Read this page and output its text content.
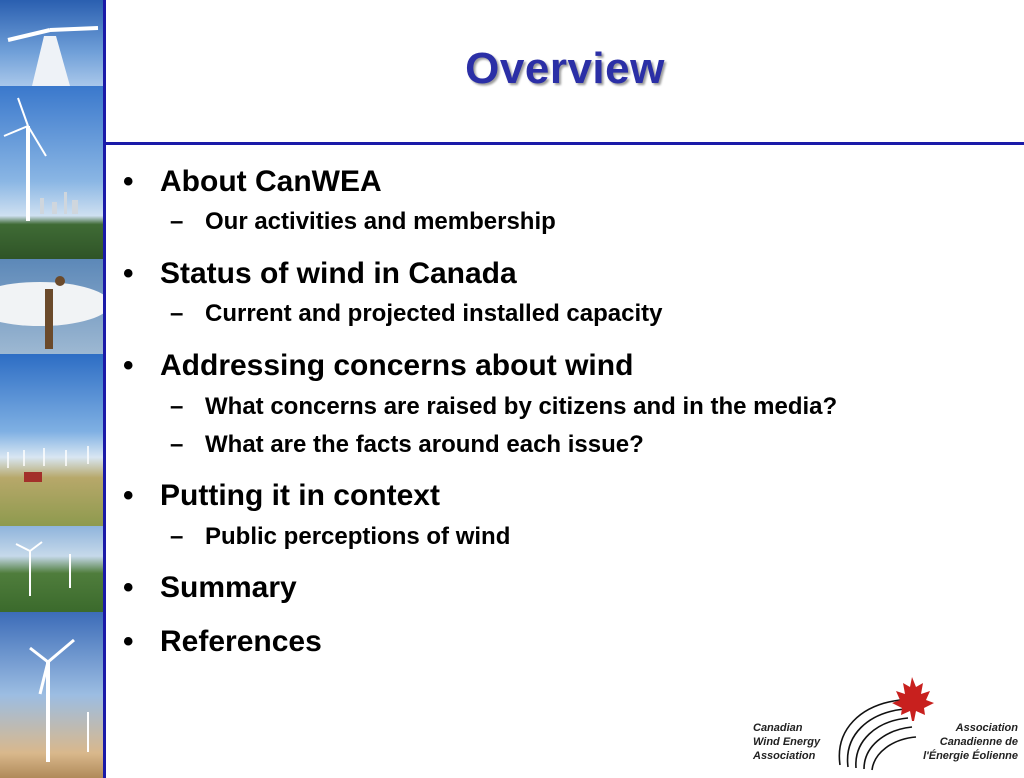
Overview
• About CanWEA
– Our activities and membership
• Status of wind in Canada
– Current and projected installed capacity
• Addressing concerns about wind
– What concerns are raised by citizens and in the media?
– What are the facts around each issue?
• Putting it in context
– Public perceptions of wind
• Summary
• References
Canadian
Wind Energy
Association
Association
Canadienne de
l'Énergie Éolienne
